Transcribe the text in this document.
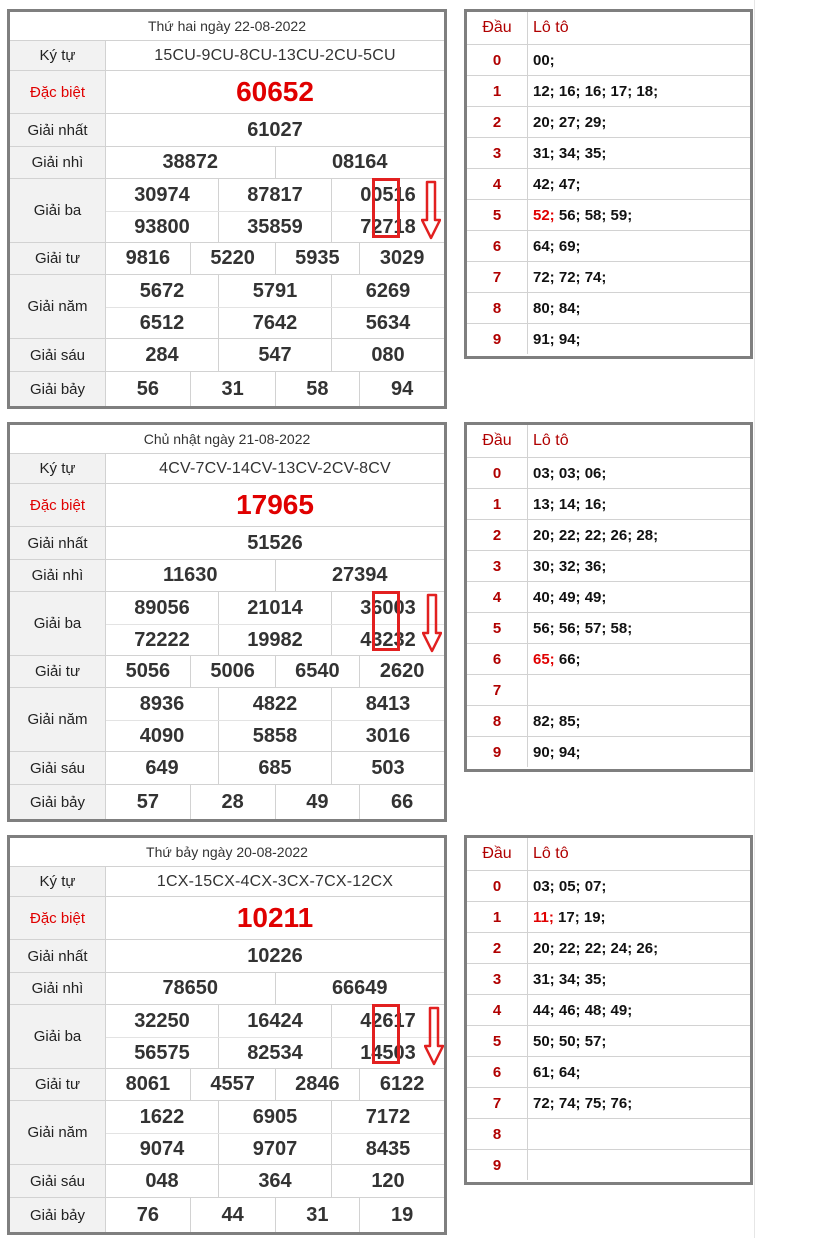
Thứ hai ngày 22-08-2022
Ký tự	15CU-9CU-8CU-13CU-2CU-5CU
Đặc biệt	60652
Giải nhất	61027
Giải nhì	38872	08164
Giải ba
30974	87817	00516
93800	35859	72718
Giải tư	9816	5220	5935	3029
Giải năm
5672	5791	6269
6512	7642	5634
Giải sáu	284	547	080
Giải bảy	56	31	58	94
Đầu	Lô tô
0	00;
1	12; 16; 16; 17; 18;
2	20; 27; 29;
3	31; 34; 35;
4	42; 47;
5	52; 56; 58; 59;
6	64; 69;
7	72; 72; 74;
8	80; 84;
9	91; 94;
Chủ nhật ngày 21-08-2022
Ký tự	4CV-7CV-14CV-13CV-2CV-8CV
Đặc biệt	17965
Giải nhất	51526
Giải nhì	11630	27394
Giải ba
89056	21014	36003
72222	19982	43232
Giải tư	5056	5006	6540	2620
Giải năm
8936	4822	8413
4090	5858	3016
Giải sáu	649	685	503
Giải bảy	57	28	49	66
Đầu	Lô tô
0	03; 03; 06;
1	13; 14; 16;
2	20; 22; 22; 26; 28;
3	30; 32; 36;
4	40; 49; 49;
5	56; 56; 57; 58;
6	65; 66;
7
8	82; 85;
9	90; 94;
Thứ bảy ngày 20-08-2022
Ký tự	1CX-15CX-4CX-3CX-7CX-12CX
Đặc biệt	10211
Giải nhất	10226
Giải nhì	78650	66649
Giải ba
32250	16424	42617
56575	82534	14503
Giải tư	8061	4557	2846	6122
Giải năm
1622	6905	7172
9074	9707	8435
Giải sáu	048	364	120
Giải bảy	76	44	31	19
Đầu	Lô tô
0	03; 05; 07;
1	11; 17; 19;
2	20; 22; 22; 24; 26;
3	31; 34; 35;
4	44; 46; 48; 49;
5	50; 50; 57;
6	61; 64;
7	72; 74; 75; 76;
8
9
